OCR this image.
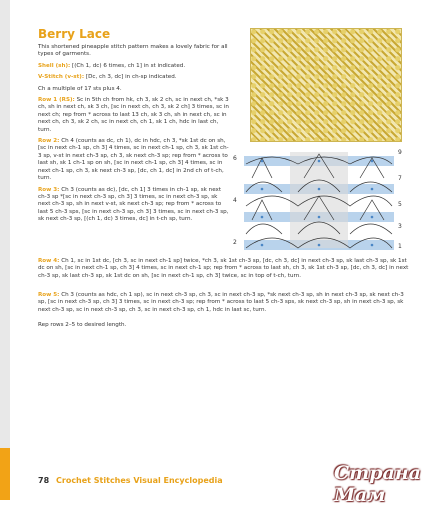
Berry Lace

This shortened pineapple stitch pattern makes a lovely fabric for all types of garments.

Shell (sh): [(Ch 1, dc) 6 times, ch 1] in st indicated.

V-Stitch (v-st): [Dc, ch 3, dc] in ch-sp indicated.

Ch a multiple of 17 sts plus 4.

Row 1 (RS): Sc in 5th ch from hk, ch 3, sk 2 ch, sc in next ch, *sk 3 ch, sh in next ch, sk 3 ch, [sc in next ch, ch 3, sk 2 ch] 3 times, sc in next ch; rep from * across to last 13 ch, sk 3 ch, sh in next ch, sc in next ch, ch 3, sk 2 ch, sc in next ch, ch 1, sk 1 ch, hdc in last ch, turn.

Row 2: Ch 4 (counts as dc, ch 1), dc in hdc, ch 3, *sk 1st dc on sh, [sc in next ch-1 sp, ch 3] 4 times, sc in next ch-1 sp, ch 3, sk 1st ch-3 sp, v-st in next ch-3 sp, ch 3, sk next ch-3 sp; rep from * across to last sh, sk 1 ch-1 sp on sh, [sc in next ch-1 sp, ch 3] 4 times, sc in next ch-1 sp, ch 3, sk next ch-3 sp, [dc, ch 1, dc] in 2nd ch of t-ch, turn.

Row 3: Ch 3 (counts as dc), [dc, ch 1] 3 times in ch-1 sp, sk next ch-3 sp *[sc in next ch-3 sp, ch 3] 3 times, sc in next ch-3 sp, sk next ch-3 sp, sh in next v-st, sk next ch-3 sp; rep from * across to last 5 ch-3 sps, [sc in next ch-3 sp, ch 3] 3 times, sc in next ch-3 sp, sk next ch-3 sp, [(ch 1, dc) 3 times, dc] in t-ch sp, turn.

6
4
2
9
7
5
3
1

Row 4: Ch 1, sc in 1st dc, [ch 3, sc in next ch-1 sp] twice, *ch 3, sk 1st ch-3 sp, [dc, ch 3, dc] in next ch-3 sp, sk last ch-3 sp, sk 1st dc on sh, [sc in next ch-1 sp, ch 3] 4 times, sc in next ch-1 sp; rep from * across to last sh, ch 3, sk 1st ch-3 sp, [dc, ch 3, dc] in next ch-3 sp, sk last ch-3 sp, sk 1st dc on sh, [sc in next ch-1 sp, ch 3] twice, sc in top of t-ch, turn.

Row 5: Ch 3 (counts as hdc, ch 1 sp), sc in next ch-3 sp, ch 3, sc in next ch-3 sp, *sk next ch-3 sp, sh in next ch-3 sp, sk next ch-3 sp, [sc in next ch-3 sp, ch 3] 3 times, sc in next ch-3 sp; rep from * across to last 5 ch-3 sps, sk next ch-3 sp, sh in next ch-3 sp, sk next ch-3 sp, sc in next ch-3 sp, ch 3, sc in next ch-3 sp, ch 1, hdc in last sc, turn.

Rep rows 2–5 to desired length.

78 Crochet Stitches Visual Encyclopedia	Страна Мам
